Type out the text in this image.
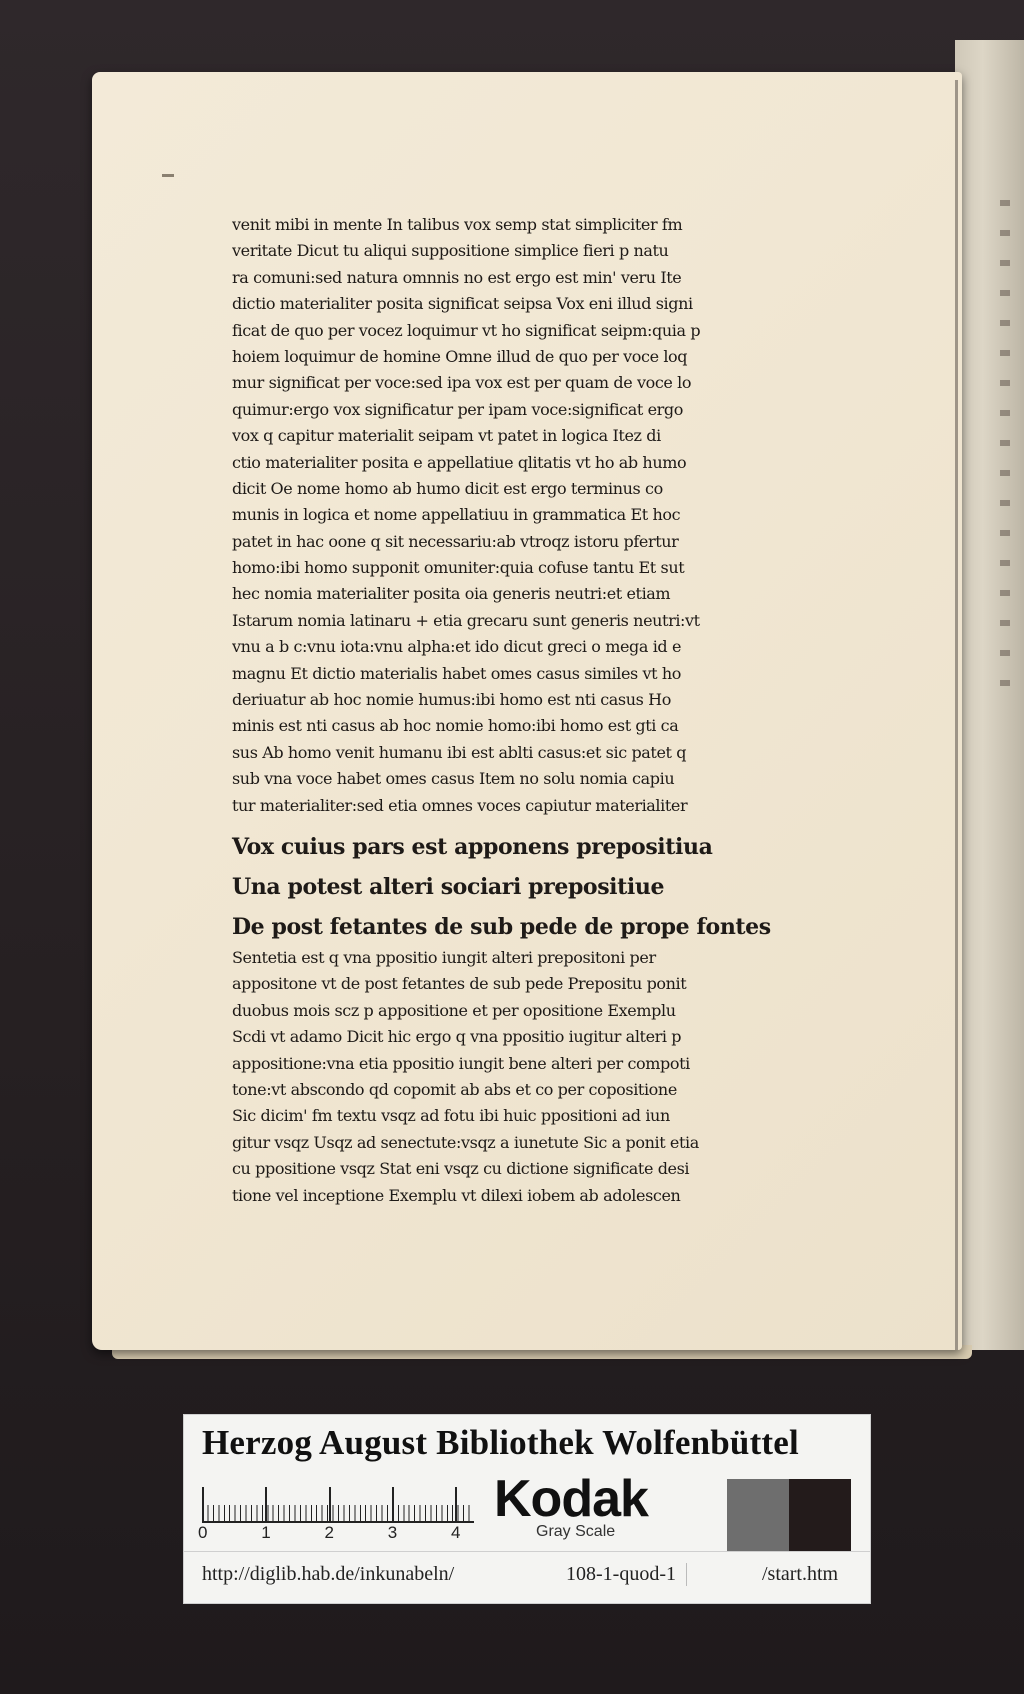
venit mibi in mente In talibus vox semp stat simpliciter fm
veritate Dicut tu aliqui suppositione simplice fieri p natu
ra comuni:sed natura omnnis no est ergo est min' veru Ite
dictio materialiter posita significat seipsa Vox eni illud signi
ficat de quo per vocez loquimur vt ho significat seipm:quia p
hoiem loquimur de homine Omne illud de quo per voce loq
mur significat per voce:sed ipa vox est per quam de voce lo
quimur:ergo vox significatur per ipam voce:significat ergo
vox q capitur materialit seipam vt patet in logica Itez di
ctio materialiter posita e appellatiue qlitatis vt ho ab humo
dicit Oe nome homo ab humo dicit est ergo terminus co
munis in logica et nome appellatiuu in grammatica Et hoc
patet in hac oone q sit necessariu:ab vtroqz istoru pfertur
homo:ibi homo supponit omuniter:quia cofuse tantu Et sut
hec nomia materialiter posita oia generis neutri:et etiam
Istarum nomia latinaru + etia grecaru sunt generis neutri:vt
vnu a b c:vnu iota:vnu alpha:et ido dicut greci o mega id e
magnu Et dictio materialis habet omes casus similes vt ho
deriuatur ab hoc nomie humus:ibi homo est nti casus Ho
minis est nti casus ab hoc nomie homo:ibi homo est gti ca
sus Ab homo venit humanu ibi est ablti casus:et sic patet q
sub vna voce habet omes casus Item no solu nomia capiu
tur materialiter:sed etia omnes voces capiutur materialiter
Vox cuius pars est apponens prepositiua
Una potest alteri sociari prepositiue
De post fetantes de sub pede de prope fontes
Sentetia est q vna ppositio iungit alteri prepositoni per
appositone vt de post fetantes de sub pede Prepositu ponit
duobus mois scz p appositione et per opositione Exemplu
Scdi vt adamo Dicit hic ergo q vna ppositio iugitur alteri p
appositione:vna etia ppositio iungit bene alteri per compoti
tone:vt abscondo qd copomit ab abs et co per copositione
Sic dicim' fm textu vsqz ad fotu ibi huic ppositioni ad iun
gitur vsqz Usqz ad senectute:vsqz a iunetute Sic a ponit etia
cu ppositione vsqz Stat eni vsqz cu dictione significate desi
tione vel inceptione Exemplu vt dilexi iobem ab adolescen
Herzog August Bibliothek Wolfenbüttel
0	1	2	3	4
Kodak
Gray Scale
http://diglib.hab.de/inkunabeln/	108-1-quod-1	/start.htm
